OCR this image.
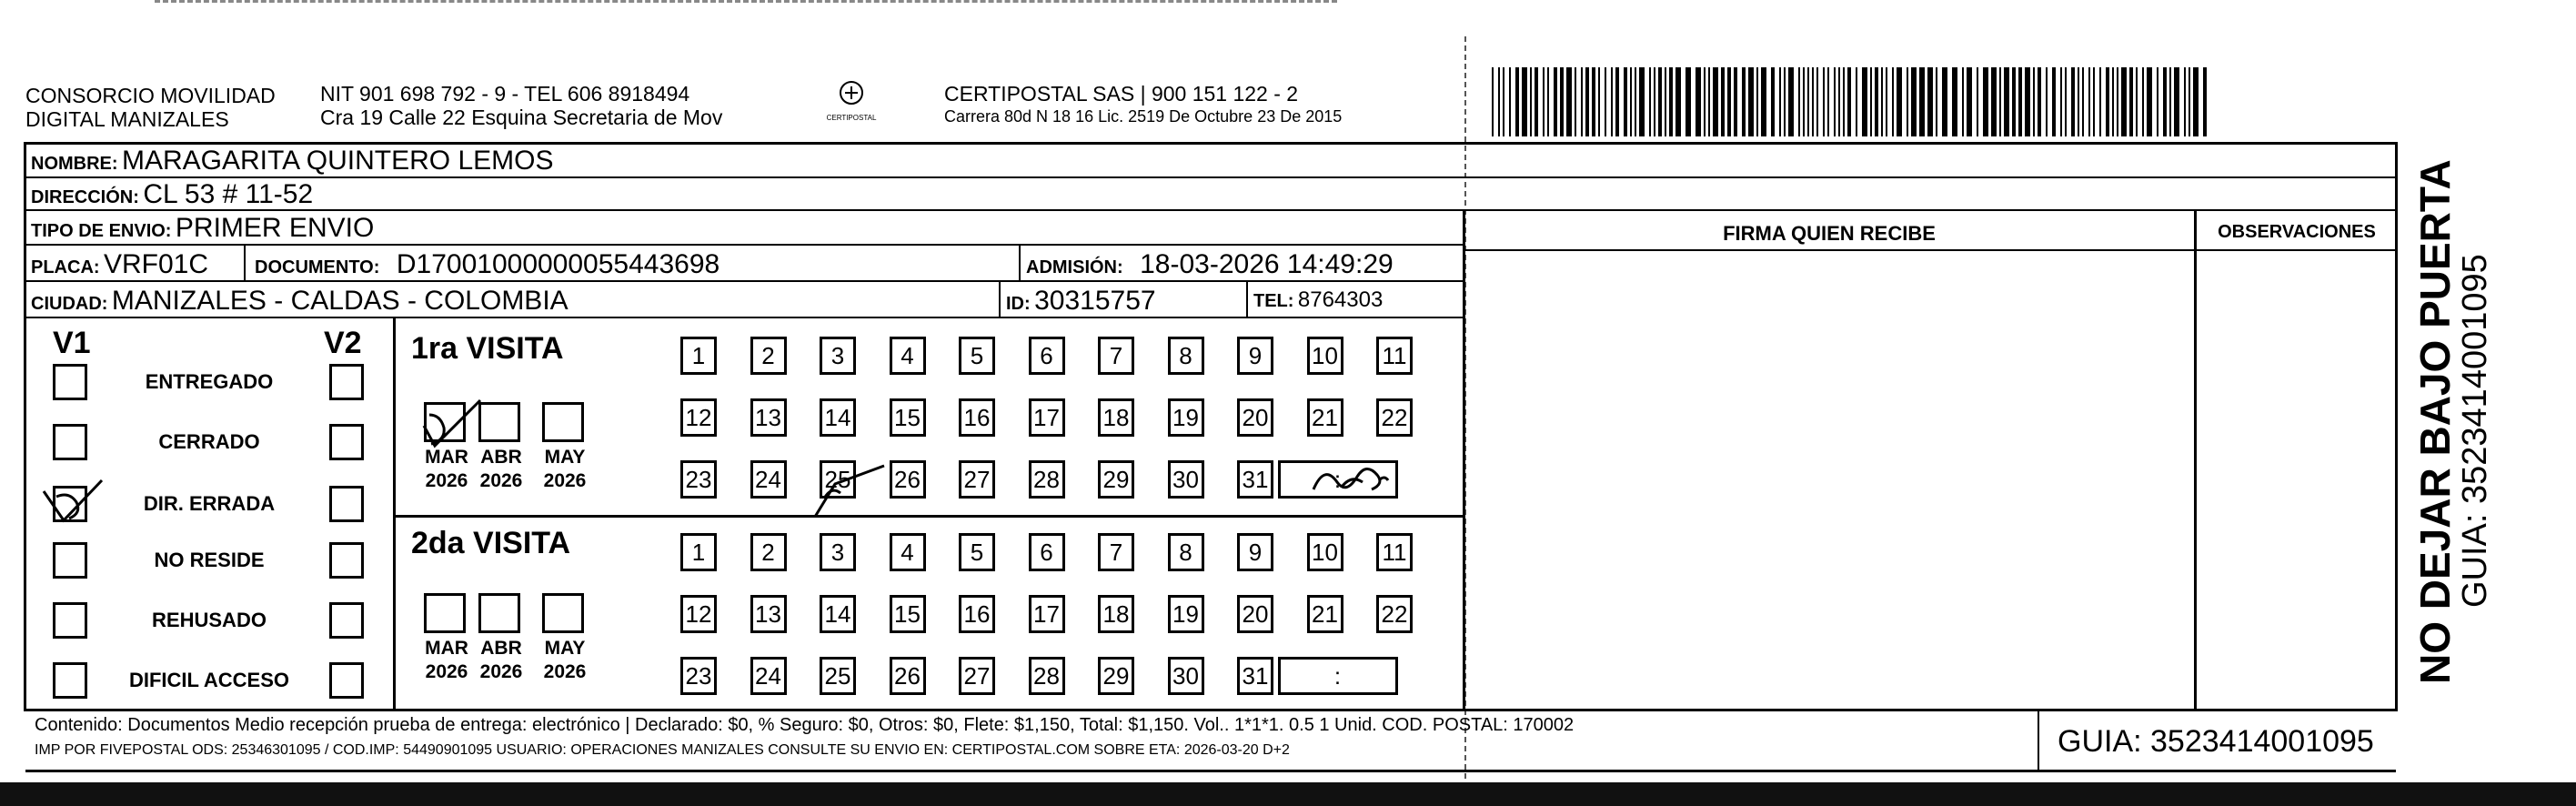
CONSORCIO MOVILIDAD
DIGITAL MANIZALES
NIT 901 698 792 - 9 - TEL 606 8918494
Cra 19 Calle 22 Esquina Secretaria de Mov	CERTIPOSTAL
CERTIPOSTAL SAS | 900 151 122 - 2
Carrera 80d N 18 16 Lic. 2519 De Octubre 23 De 2015
NOMBRE: MARAGARITA QUINTERO LEMOS
DIRECCIÓN: CL 53 # 11-52
TIPO DE ENVIO: PRIMER ENVIO
PLACA: VRF01C	DOCUMENTO: D17001000000055443698	ADMISIÓN: 18-03-2026 14:49:29
CIUDAD: MANIZALES - CALDAS - COLOMBIA	ID: 30315757	TEL: 8764303
FIRMA QUIEN RECIBE	OBSERVACIONES
V1	V2
ENTREGADO
CERRADO
DIR. ERRADA
NO RESIDE
REHUSADO
DIFICIL ACCESO
1ra VISITA
2da VISITA
MAR
2026
ABR
2026
MAY
2026
MAR
2026
ABR
2026
MAY
2026
1	2	3	4	5	6	7	8	9	10 11
12 13 14 15 16 17 18 19 20 21 22
23 24 25 26 27 28 29 30 31	:
1	2	3	4	5	6	7	8	9	10 11
12 13 14 15 16 17 18 19 20 21 22
23 24 25 26 27 28 29 30 31	:
Contenido: Documentos Medio recepción prueba de entrega: electrónico | Declarado: $0, % Seguro: $0, Otros: $0, Flete: $1,150, Total: $1,150. Vol.. 1*1*1. 0.5 1 Unid. COD. POSTAL: 170002
IMP POR FIVEPOSTAL ODS: 25346301095 / COD.IMP: 54490901095 USUARIO: OPERACIONES MANIZALES CONSULTE SU ENVIO EN: CERTIPOSTAL.COM SOBRE ETA: 2026-03-20 D+2	GUIA: 3523414001095
NO DEJAR BAJO PUERTA
GUIA: 3523414001095
